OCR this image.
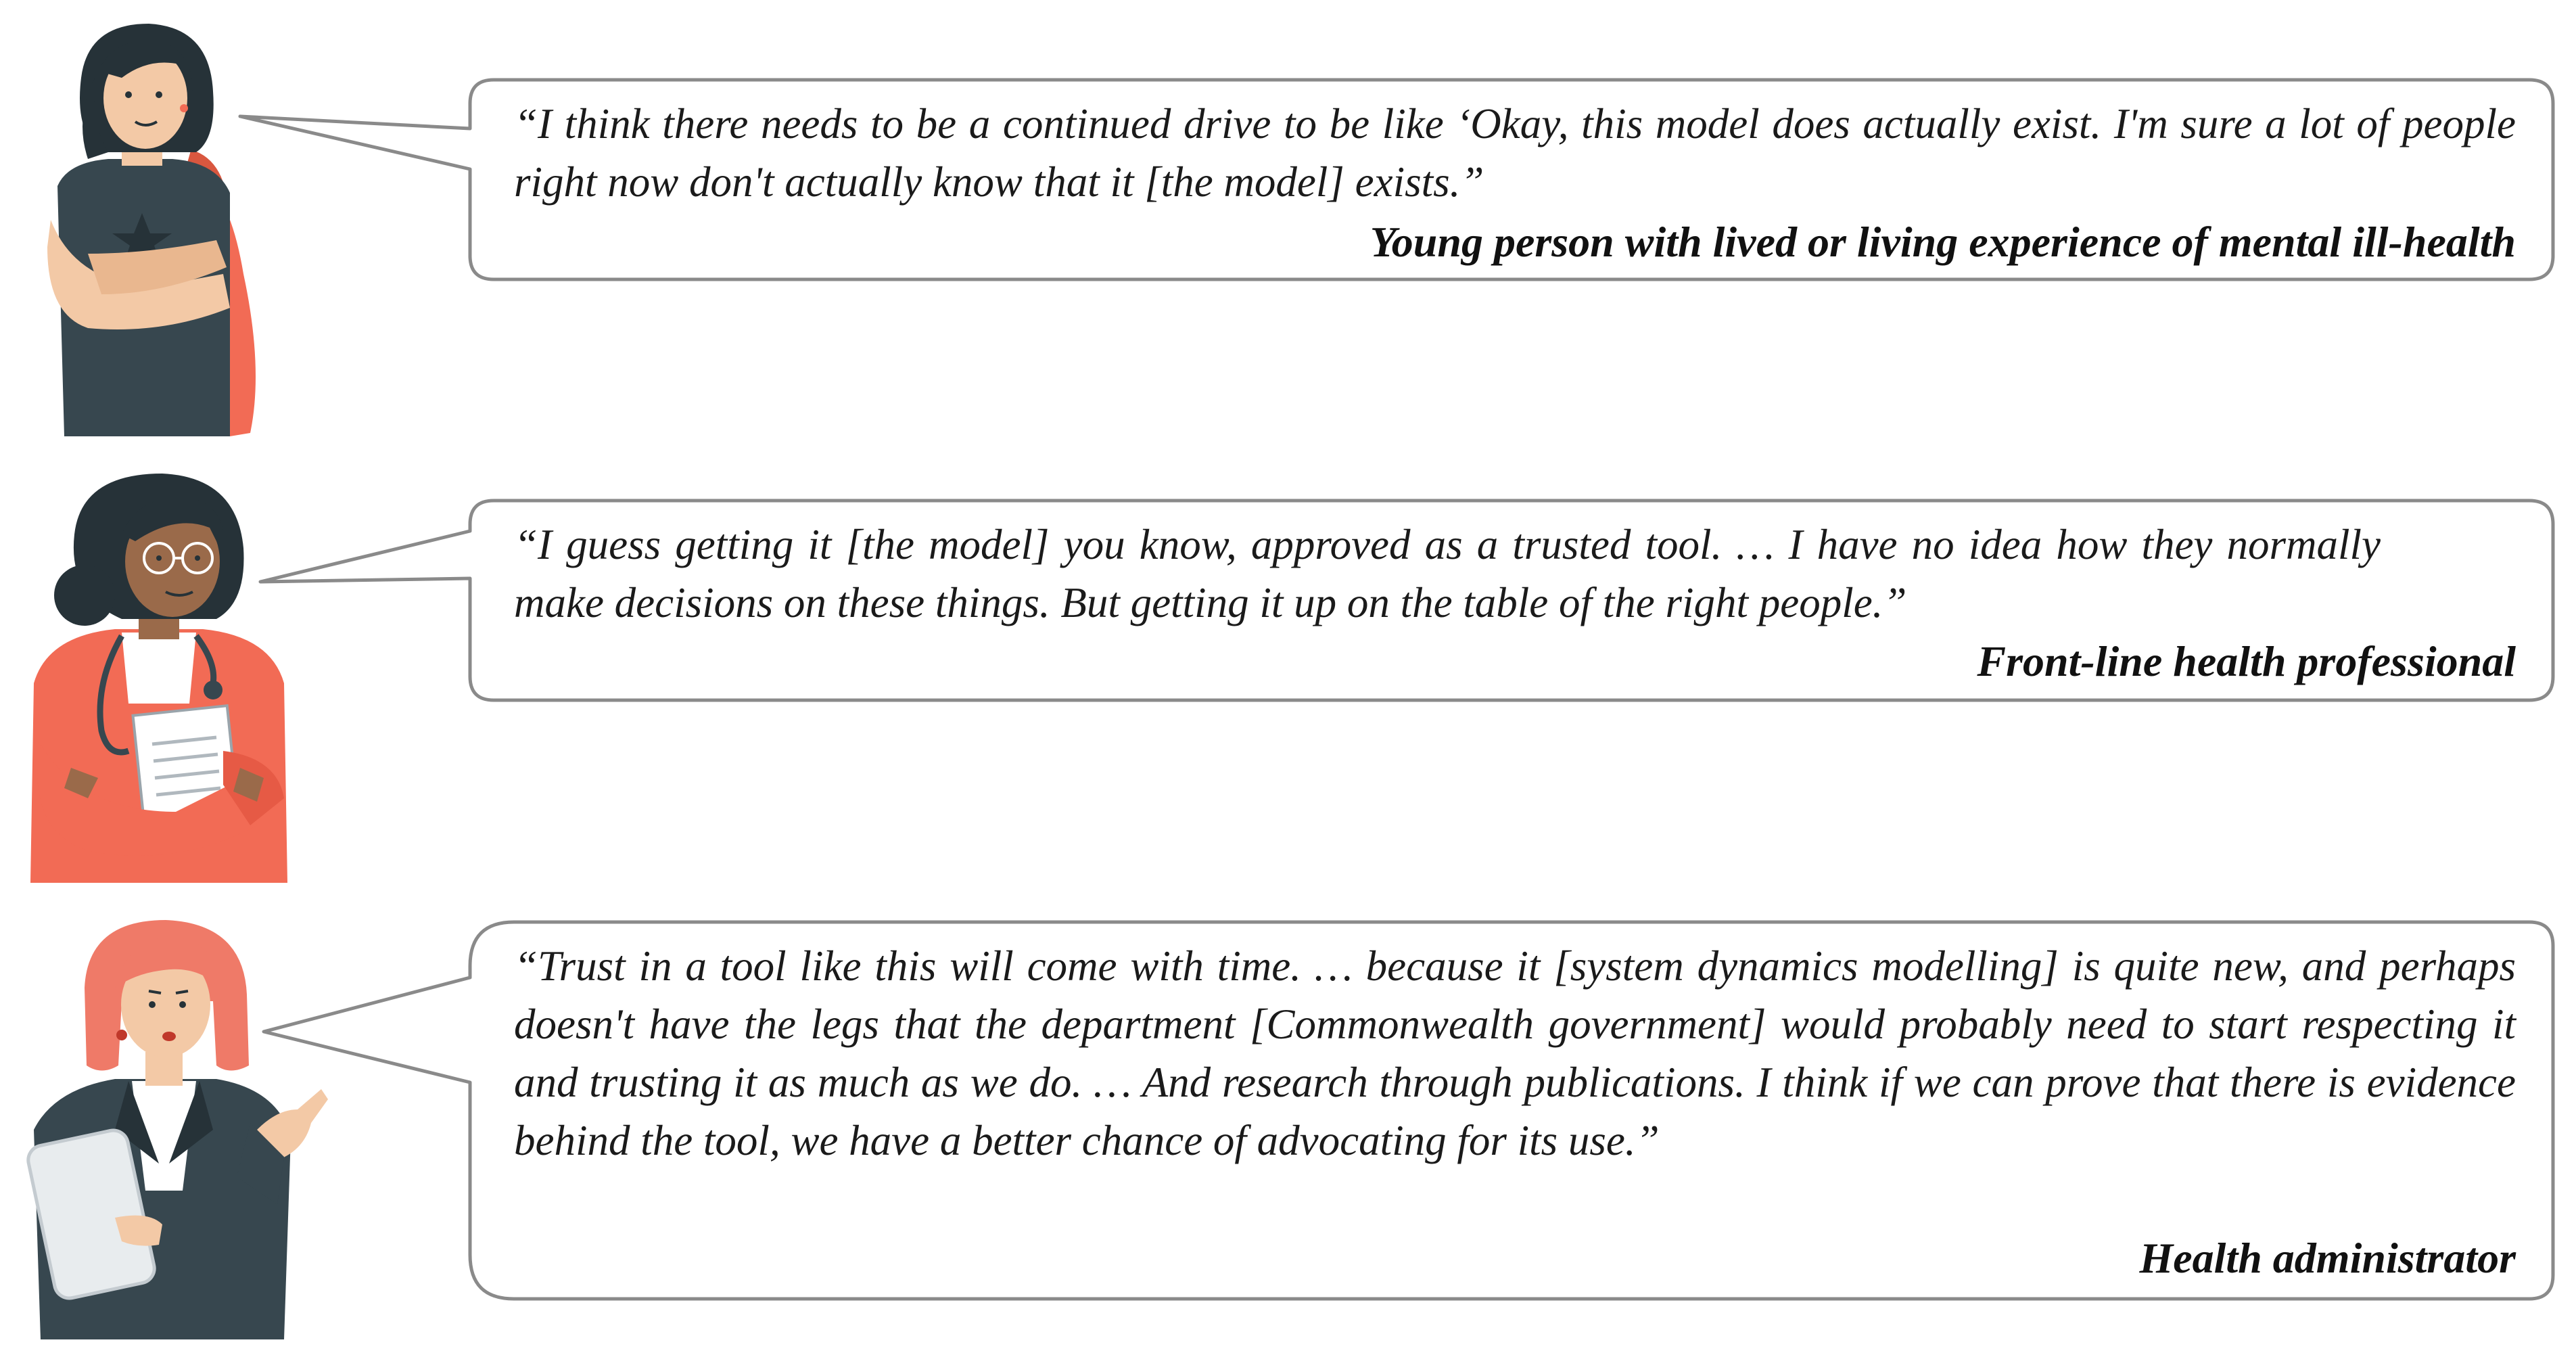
“I think there needs to be a continued drive to be like ‘Okay, this model does actually exist. I'm sure a lot of people right now don't actually know that it [the model] exists.”

Young person with lived or living experience of mental ill-health

“I guess getting it [the model] you know, approved as a trusted tool. … I have no idea how they normally make decisions on these things. But getting it up on the table of the right people.”

Front-line health professional

“Trust in a tool like this will come with time. … because it [system dynamics modelling] is quite new, and perhaps doesn't have the legs that the department [Commonwealth government] would probably need to start respecting it and trusting it as much as we do. … And research through publications. I think if we can prove that there is evidence behind the tool, we have a better chance of advocating for its use.”

Health administrator
